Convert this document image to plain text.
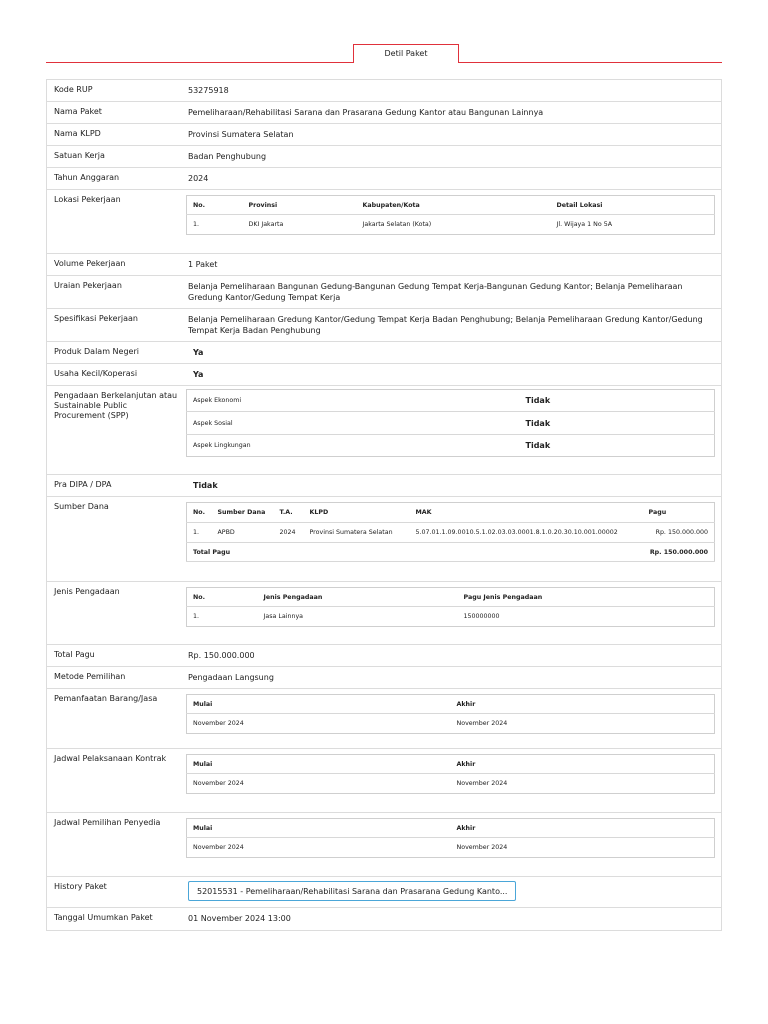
Detil Paket
Kode RUP	53275918
Nama Paket	Pemeliharaan/Rehabilitasi Sarana dan Prasarana Gedung Kantor atau Bangunan Lainnya
Nama KLPD	Provinsi Sumatera Selatan
Satuan Kerja	Badan Penghubung
Tahun Anggaran	2024
Lokasi Pekerjaan
No.	Provinsi	Kabupaten/Kota	Detail Lokasi
1.	DKI Jakarta	Jakarta Selatan (Kota)	Jl. Wijaya 1 No 5A
Volume Pekerjaan	1 Paket
Uraian Pekerjaan	Belanja Pemeliharaan Bangunan Gedung-Bangunan Gedung Tempat Kerja-Bangunan Gedung Kantor; Belanja Pemeliharaan Gredung Kantor/Gedung Tempat Kerja
Spesifikasi Pekerjaan	Belanja Pemeliharaan Gredung Kantor/Gedung Tempat Kerja Badan Penghubung; Belanja Pemeliharaan Gredung Kantor/Gedung Tempat Kerja Badan Penghubung
Produk Dalam Negeri	Ya
Usaha Kecil/Koperasi	Ya
Pengadaan Berkelanjutan atau Sustainable Public Procurement (SPP)
Aspek Ekonomi	Tidak
Aspek Sosial	Tidak
Aspek Lingkungan	Tidak
Pra DIPA / DPA	Tidak
Sumber Dana
No.	Sumber Dana	T.A.	KLPD	MAK	Pagu
1.	APBD	2024	Provinsi Sumatera Selatan	5.07.01.1.09.0010.5.1.02.03.03.0001.8.1.0.20.30.10.001.00002	Rp. 150.000.000
Total Pagu					Rp. 150.000.000
Jenis Pengadaan
No.	Jenis Pengadaan	Pagu Jenis Pengadaan
1.	Jasa Lainnya	150000000
Total Pagu	Rp. 150.000.000
Metode Pemilihan	Pengadaan Langsung
Pemanfaatan Barang/Jasa
Mulai	Akhir
November 2024	November 2024
Jadwal Pelaksanaan Kontrak
Mulai	Akhir
November 2024	November 2024
Jadwal Pemilihan Penyedia
Mulai	Akhir
November 2024	November 2024
History Paket
52015531 - Pemeliharaan/Rehabilitasi Sarana dan Prasarana Gedung Kanto...
Tanggal Umumkan Paket	01 November 2024 13:00
